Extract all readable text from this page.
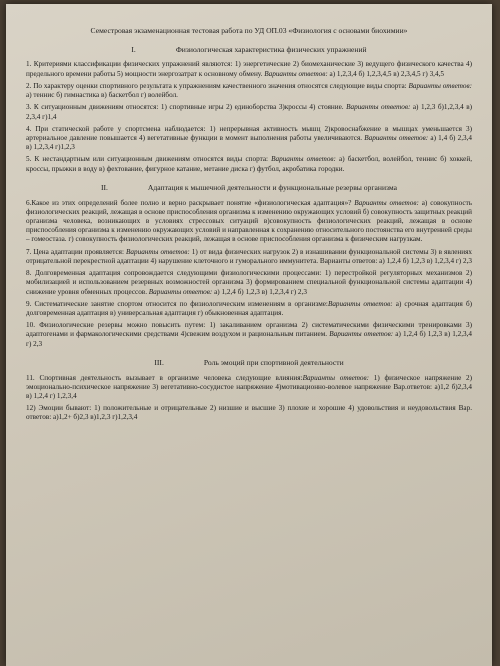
Семестровая экзаменационная тестовая работа по УД ОП.03 «Физиология с основами биохимии»
I.	Физиологическая характеристика физических упражнений

1. Критериями классификации физических упражнений являются: 1) энергетические 2) биомеханические 3) ведущего физического качества 4) предельного времени работы 5) мощности энергозатрат к основному обмену. Варианты ответов: а) 1,2,3,4 б) 1,2,3,4,5 в) 2,3,4,5 г) 3,4,5

2. По характеру оценки спортивного результата к упражнениям качественного значения относятся следующие виды спорта: Варианты ответов: а) теннис б) гимнастика в) баскетбол г) волейбол.

3. К ситуационным движениям относятся: 1) спортивные игры 2) единоборства 3)кроссы 4) стояние. Варианты ответов: а) 1,2,3 б)1,2,3,4 в) 2,3,4 г)1,4

4. При статической работе у спортсмена наблюдается: 1) непрерывная активность мышц 2)кровоснабжение в мышцах уменьшается 3) артериальное давление повышается 4) вегетативные функции в момент выполнения работы увеличиваются. Варианты ответов: а) 1,4 б) 2,3,4 в) 1,2,3,4 г)1,2,3

5. К нестандартным или ситуационным движениям относятся виды спорта: Варианты ответов: а) баскетбол, волейбол, теннис б) хоккей, кроссы, прыжки в воду в) фехтование, фигурное катание, метание диска г) футбол, акробатика городки.

II.	Адаптация к мышечной деятельности и функциональные резервы организма

6.Какое из этих определений более полно и верно раскрывает понятие «физиологическая адаптация»? Варианты ответов: а) совокупность физиологических реакций, лежащая в основе приспособления организма к изменению окружающих условий б) совокупность защитных реакций организма человека, возникающих в условиях стрессовых ситуаций в)совокупность физиологических реакций, лежащая в основе приспособления организма к изменению окружающих условий и направленная к сохранению относительного постоянства его внутренней среды – гомеостаза. г) совокупность физиологических реакций, лежащая в основе приспособления организма к физическим нагрузкам.

7. Цена адаптации проявляется: Варианты ответов: 1) от вида физических нагрузок 2) в изнашивании функциональной системы 3) в явлениях отрицательной перекрестной адаптации 4) нарушение клеточного и гуморального иммунитета. Варианты ответов: а) 1,2,4 б) 1,2,3 в) 1,2,3,4 г) 2,3

8. Долговременная адаптация сопровождается следующими физиологическими процессами: 1) перестройкой регуляторных механизмов 2) мобилизацией и использованием резервных возможностей организма 3) формированием специальной функциональной системы адаптации 4) снижение уровня обменных процессов. Варианты ответов: а) 1,2,4 б) 1,2,3 в) 1,2,3,4 г) 2,3

9. Систематические занятие спортом относится по физиологическим изменениям в организме:Варианты ответов: а) срочная адаптация б) долговременная адаптация в) универсальная адаптация г) обыкновенная адаптация.

10. Физиологические резервы можно повысить путем: 1) закаливанием организма 2) систематическими физическими тренировками 3) адаптогенами и фармакологическими средствами 4)свежим воздухом и рациональным питанием. Варианты ответов: а) 1,2,4 б) 1,2,3 в) 1,2,3,4 г) 2,3

III.	Роль эмоций при спортивной деятельности

11. Спортивная деятельность вызывает в организме человека следующие влияния:Варианты ответов: 1) физическое напряжение 2) эмоционально-психическое напряжение 3) вегетативно-сосудистое напряжение 4)мотивационно-волевое напряжение Вар.ответов: а)1,2 б)2,3,4 в) 1,2,4 г) 1,2,3,4

12) Эмоции бывают: 1) положительные и отрицательные 2) низшие и высшие 3) плохие и хорошие 4) удовольствия и неудовольствия Вар. ответов: а)1,2+ б)2,3 в)1,2,3 г)1,2,3,4
